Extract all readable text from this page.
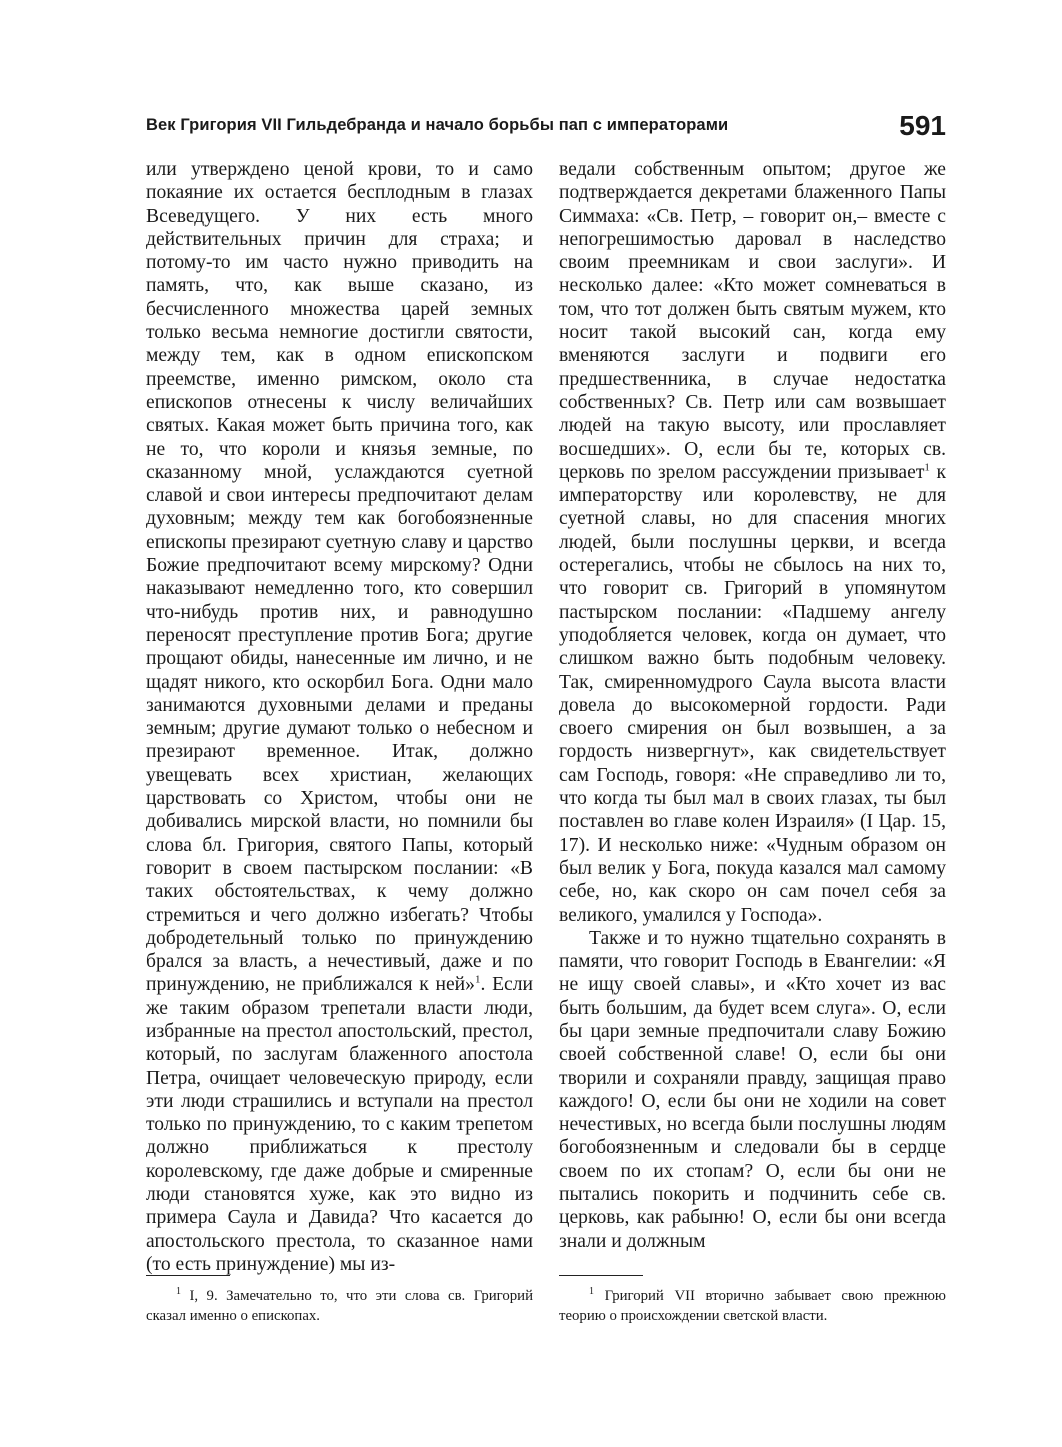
Век Григория VII Гильдебранда и начало борьбы пап с императорами	591

или утверждено ценой крови, то и само покаяние их остается бесплодным в глазах Всеведущего. У них есть много действительных причин для страха; и потому-то им часто нужно приводить на память, что, как выше сказано, из бесчисленного множества царей земных только весьма немногие достигли святости, между тем, как в одном епископском преемстве, именно римском, около ста епископов отнесены к числу величайших святых. Какая может быть причина того, как не то, что короли и князья земные, по сказанному мной, услаждаются суетной славой и свои интересы предпочитают делам духовным; между тем как богобоязненные епископы презирают суетную славу и царство Божие предпочитают всему мирскому? Одни наказывают немедленно того, кто совершил что-нибудь против них, и равнодушно переносят преступление против Бога; другие прощают обиды, нанесенные им лично, и не щадят никого, кто оскорбил Бога. Одни мало занимаются духовными делами и преданы земным; другие думают только о небесном и презирают временное. Итак, должно увещевать всех христиан, желающих царствовать со Христом, чтобы они не добивались мирской власти, но помнили бы слова бл. Григория, святого Папы, который говорит в своем пастырском послании: «В таких обстоятельствах, к чему должно стремиться и чего должно избегать? Чтобы добродетельный только по принуждению брался за власть, а нечестивый, даже и по принуждению, не приближался к ней»$^1$. Если же таким образом трепетали власти люди, избранные на престол апостольский, престол, который, по заслугам блаженного апостола Петра, очищает человеческую природу, если эти люди страшились и вступали на престол только по принуждению, то с каким трепетом должно приближаться к престолу королевскому, где даже добрые и смиренные люди становятся хуже, как это видно из примера Саула и Давида? Что касается до апостольского престола, то сказанное нами (то есть принуждение) мы из-

ведали собственным опытом; другое же подтверждается декретами блаженного Папы Симмаха: «Св. Петр, – говорит он,– вместе с непогрешимостью даровал в наследство своим преемникам и свои заслуги». И несколько далее: «Кто может сомневаться в том, что тот должен быть святым мужем, кто носит такой высокий сан, когда ему вменяются заслуги и подвиги его предшественника, в случае недостатка собственных? Св. Петр или сам возвышает людей на такую высоту, или прославляет восшедших». О, если бы те, которых св. церковь по зрелом рассуждении призывает$^1$ к императорству или королевству, не для суетной славы, но для спасения многих людей, были послушны церкви, и всегда остерегались, чтобы не сбылось на них то, что говорит св. Григорий в упомянутом пастырском послании: «Падшему ангелу уподобляется человек, когда он думает, что слишком важно быть подобным человеку. Так, смиренномудрого Саула высота власти довела до высокомерной гордости. Ради своего смирения он был возвышен, а за гордость низвергнут», как свидетельствует сам Господь, говоря: «Не справедливо ли то, что когда ты был мал в своих глазах, ты был поставлен во главе колен Израиля» (I Цар. 15, 17). И несколько ниже: «Чудным образом он был велик у Бога, покуда казался мал самому себе, но, как скоро он сам почел себя за великого, умалился у Господа».

Также и то нужно тщательно сохранять в памяти, что говорит Господь в Евангелии: «Я не ищу своей славы», и «Кто хочет из вас быть большим, да будет всем слуга». О, если бы цари земные предпочитали славу Божию своей собственной славе! О, если бы они творили и сохраняли правду, защищая право каждого! О, если бы они не ходили на совет нечестивых, но всегда были послушны людям богобоязненным и следовали бы в сердце своем по их стопам? О, если бы они не пытались покорить и подчинить себе св. церковь, как рабыню! О, если бы они всегда знали и должным

$^1$ I, 9. Замечательно то, что эти слова св. Григорий сказал именно о епископах.
$^1$ Григорий VII вторично забывает свою прежнюю теорию о происхождении светской власти.
